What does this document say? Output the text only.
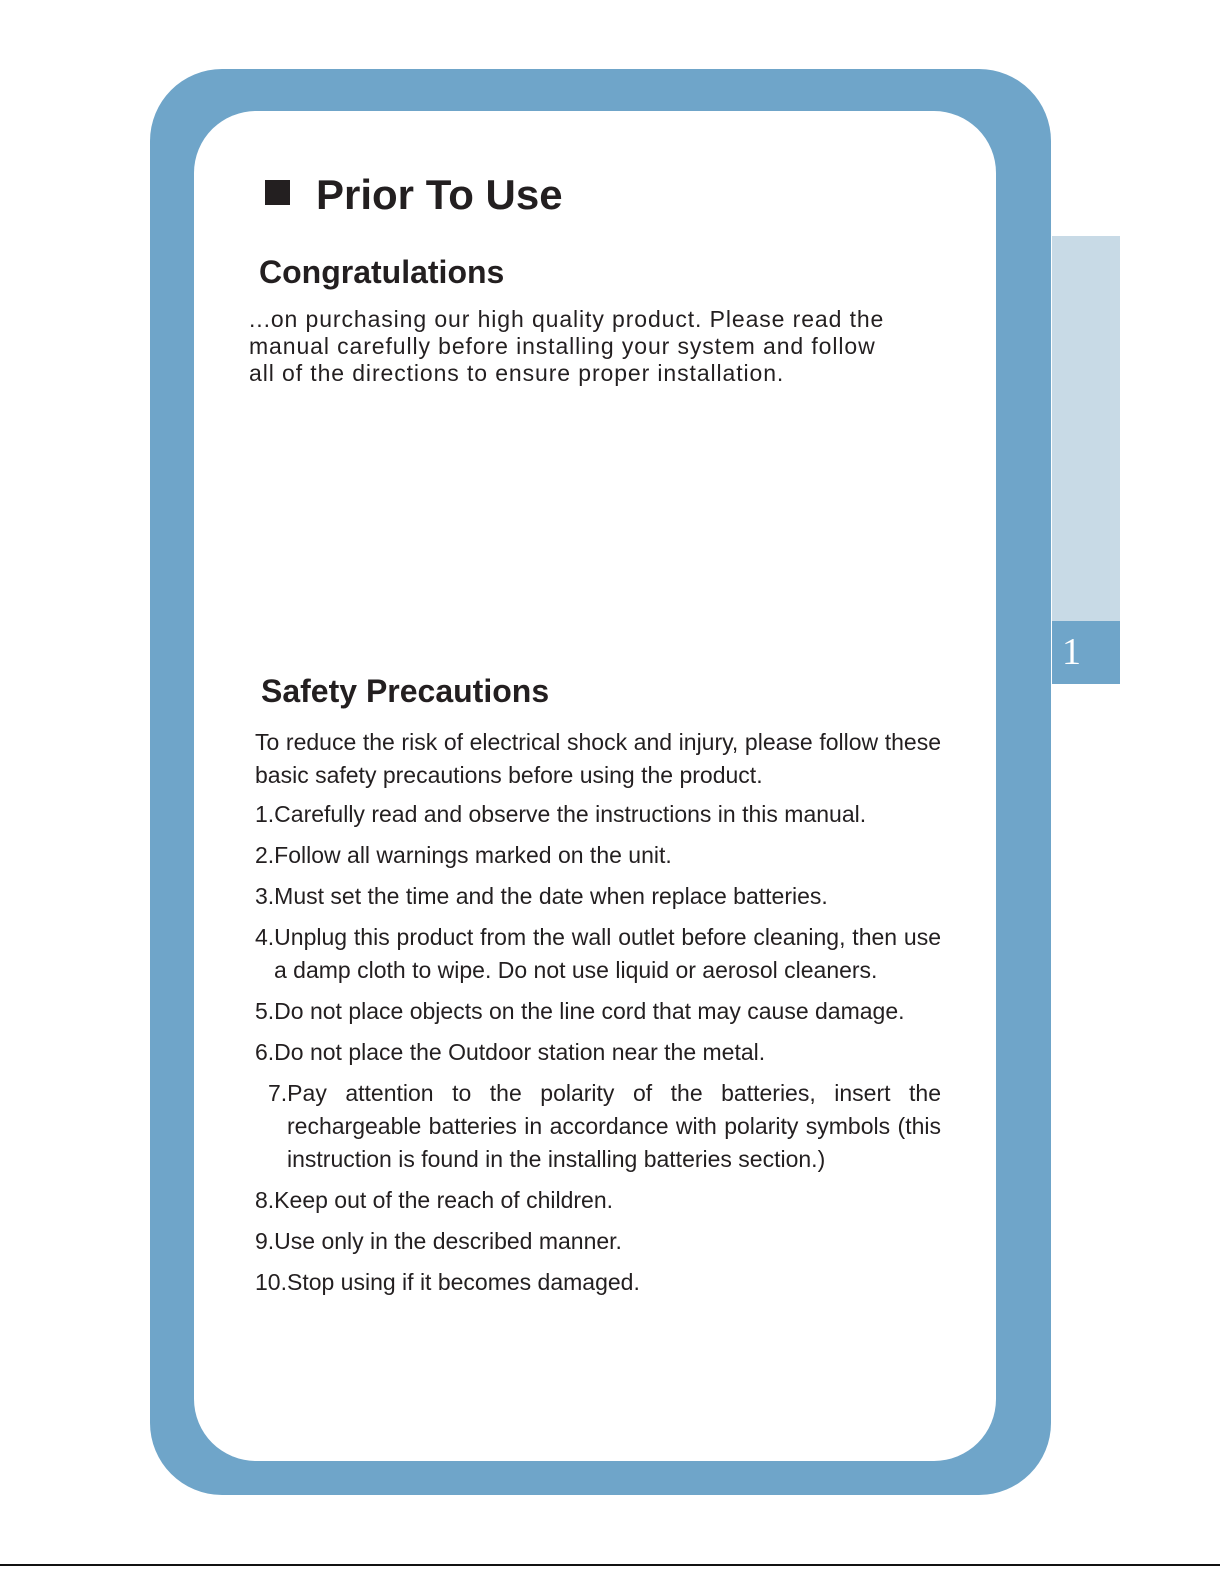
1
Prior To Use
Congratulations

...on purchasing our high quality product. Please read the
manual carefully before installing your system and follow
all of the directions to ensure proper installation.

Safety Precautions

To reduce the risk of electrical shock and injury, please follow these basic safety precautions before using the product.

1.Carefully read and observe the instructions in this manual.
2.Follow all warnings marked on the unit.
3.Must set the time and the date when replace batteries.
4.Unplug this product from the wall outlet before cleaning, then use a damp cloth to wipe. Do not use liquid or aerosol cleaners.
5.Do not place objects on the line cord that may cause damage.
6.Do not place the Outdoor station near the metal.
7.Pay attention to the polarity of the batteries, insert the rechargeable batteries in accordance with polarity symbols (this instruction is found in the installing batteries section.)
8.Keep out of the reach of children.
9.Use only in the described manner.
10.Stop using if it becomes damaged.
